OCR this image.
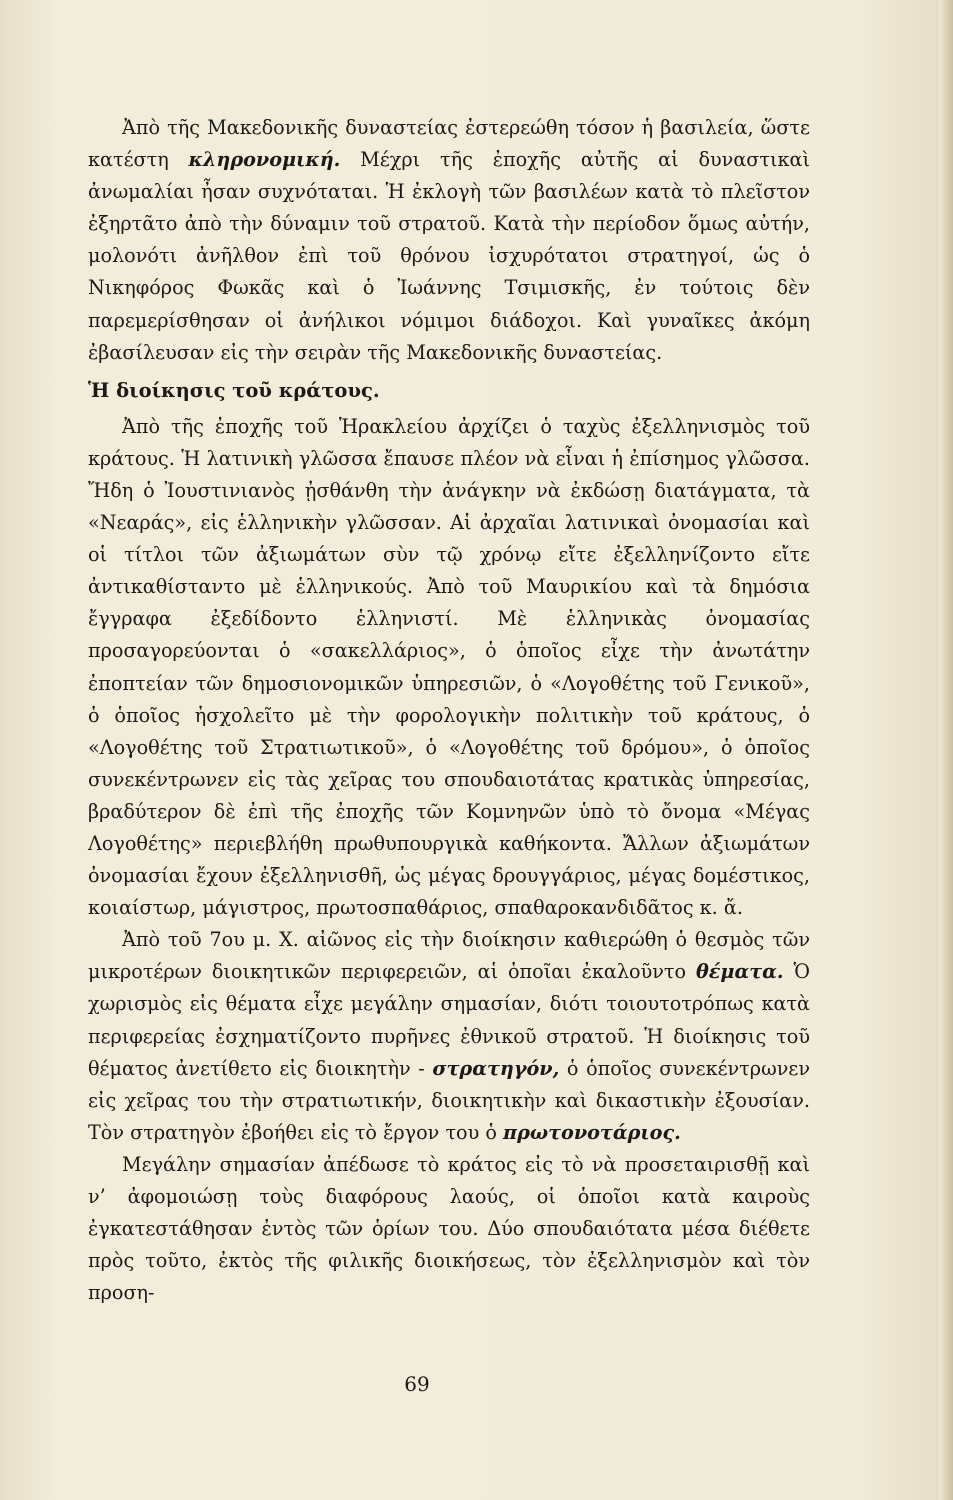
Ἀπὸ τῆς Μακεδονικῆς δυναστείας ἐστερεώθη τόσον ἡ βασιλεία, ὥστε κατέστη κληρονομική. Μέχρι τῆς ἐποχῆς αὐτῆς αἱ δυναστικαὶ ἀνωμαλίαι ἦσαν συχνόταται. Ἡ ἐκλογὴ τῶν βασιλέων κατὰ τὸ πλεῖστον ἐξηρτᾶτο ἀπὸ τὴν δύναμιν τοῦ στρατοῦ. Κατὰ τὴν περίοδον ὅμως αὐτήν, μολονότι ἀνῆλθον ἐπὶ τοῦ θρόνου ἰσχυρότατοι στρατηγοί, ὡς ὁ Νικηφόρος Φωκᾶς καὶ ὁ Ἰωάννης Τσιμισκῆς, ἐν τούτοις δὲν παρεμερίσθησαν οἱ ἀνήλικοι νόμιμοι διάδοχοι. Καὶ γυναῖκες ἀκόμη ἐβασίλευσαν εἰς τὴν σειρὰν τῆς Μακεδονικῆς δυναστείας.

Ἡ διοίκησις τοῦ κράτους.

Ἀπὸ τῆς ἐποχῆς τοῦ Ἡρακλείου ἀρχίζει ὁ ταχὺς ἐξελληνισμὸς τοῦ κράτους. Ἡ λατινικὴ γλῶσσα ἔπαυσε πλέον νὰ εἶναι ἡ ἐπίσημος γλῶσσα. Ἤδη ὁ Ἰουστινιανὸς ᾐσθάνθη τὴν ἀνάγκην νὰ ἐκδώσῃ διατάγματα, τὰ «Νεαράς», εἰς ἑλληνικὴν γλῶσσαν. Αἱ ἀρχαῖαι λατινικαὶ ὀνομασίαι καὶ οἱ τίτλοι τῶν ἀξιωμάτων σὺν τῷ χρόνῳ εἴτε ἐξελληνίζοντο εἴτε ἀντικαθίσταντο μὲ ἑλληνικούς. Ἀπὸ τοῦ Μαυρικίου καὶ τὰ δημόσια ἔγγραφα ἐξεδίδοντο ἑλληνιστί. Μὲ ἑλληνικὰς ὀνομασίας προσαγορεύονται ὁ «σακελλάριος», ὁ ὁποῖος εἶχε τὴν ἀνωτάτην ἐποπτείαν τῶν δημοσιονομικῶν ὑπηρεσιῶν, ὁ «Λογοθέτης τοῦ Γενικοῦ», ὁ ὁποῖος ἠσχολεῖτο μὲ τὴν φορολογικὴν πολιτικὴν τοῦ κράτους, ὁ «Λογοθέτης τοῦ Στρατιωτικοῦ», ὁ «Λογοθέτης τοῦ δρόμου», ὁ ὁποῖος συνεκέντρωνεν εἰς τὰς χεῖρας του σπουδαιοτάτας κρατικὰς ὑπηρεσίας, βραδύτερον δὲ ἐπὶ τῆς ἐποχῆς τῶν Κομνηνῶν ὑπὸ τὸ ὄνομα «Μέγας Λογοθέτης» περιεβλήθη πρωθυπουργικὰ καθήκοντα. Ἄλλων ἀξιωμάτων ὀνομασίαι ἔχουν ἐξελληνισθῆ, ὡς μέγας δρουγγάριος, μέγας δομέστικος, κοιαίστωρ, μάγιστρος, πρωτοσπαθάριος, σπαθαροκανδιδᾶτος κ. ἄ.

Ἀπὸ τοῦ 7ου μ. Χ. αἰῶνος εἰς τὴν διοίκησιν καθιερώθη ὁ θεσμὸς τῶν μικροτέρων διοικητικῶν περιφερειῶν, αἱ ὁποῖαι ἐκαλοῦντο θέματα. Ὁ χωρισμὸς εἰς θέματα εἶχε μεγάλην σημασίαν, διότι τοιουτοτρόπως κατὰ περιφερείας ἐσχηματίζοντο πυρῆνες ἐθνικοῦ στρατοῦ. Ἡ διοίκησις τοῦ θέματος ἀνετίθετο εἰς διοικητὴν - στρατηγόν, ὁ ὁποῖος συνεκέντρωνεν εἰς χεῖρας του τὴν στρατιωτικήν, διοικητικὴν καὶ δικαστικὴν ἐξουσίαν. Τὸν στρατηγὸν ἐβοήθει εἰς τὸ ἔργον του ὁ πρωτονοτάριος.

Μεγάλην σημασίαν ἀπέδωσε τὸ κράτος εἰς τὸ νὰ προσεταιρισθῇ καὶ ν’ ἀφομοιώσῃ τοὺς διαφόρους λαούς, οἱ ὁποῖοι κατὰ καιροὺς ἐγκατεστάθησαν ἐντὸς τῶν ὁρίων του. Δύο σπουδαιότατα μέσα διέθετε πρὸς τοῦτο, ἐκτὸς τῆς φιλικῆς διοικήσεως, τὸν ἐξελληνισμὸν καὶ τὸν προση-

69
